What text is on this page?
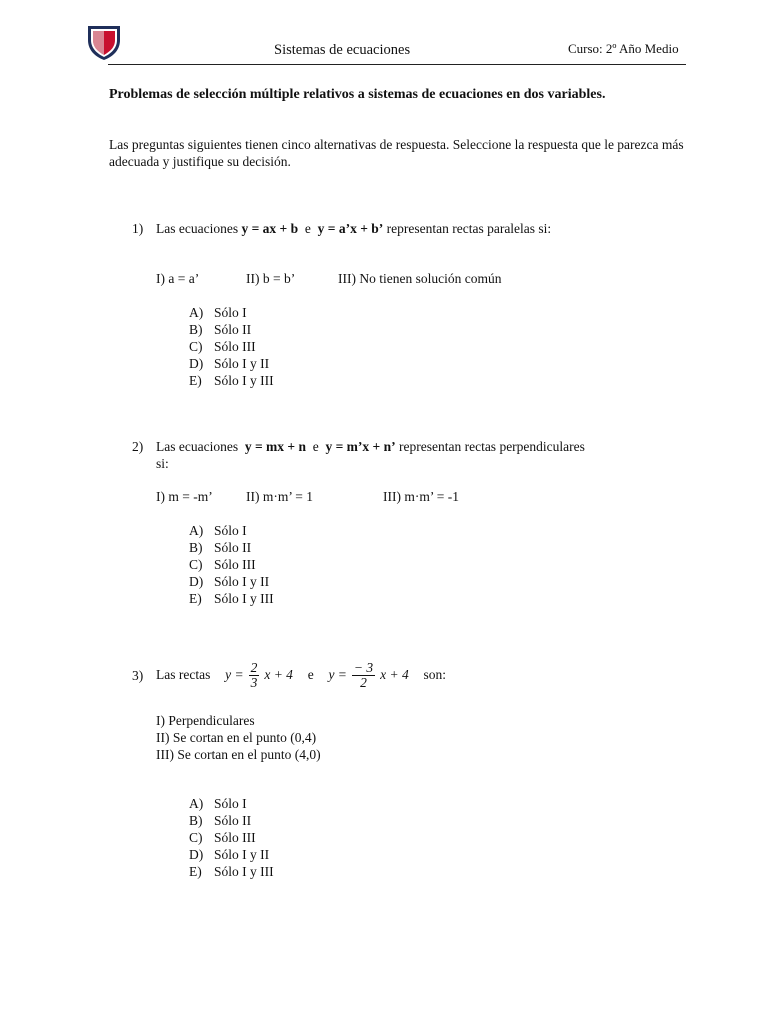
Sistemas de ecuaciones	Curso: 2º Año Medio
Problemas de selección múltiple relativos a sistemas de ecuaciones en dos variables.
Las preguntas siguientes tienen cinco alternativas de respuesta. Seleccione la respuesta que le parezca más adecuada y justifique su decisión.
1) Las ecuaciones y = ax + b e y = a’x + b’ representan rectas paralelas si:
I) a = a’	II) b = b’	III) No tienen solución común
A) Sólo I
B) Sólo II
C) Sólo III
D) Sólo I y II
E) Sólo I y III
2) Las ecuaciones y = mx + n e y = m’x + n’ representan rectas perpendiculares
si:
I) m = -m’ II) m·m’ = 1	III) m·m’ = -1
A) Sólo I
B) Sólo II
C) Sólo III
D) Sólo I y II
E) Sólo I y III
3) Las rectas
$y = \frac{2}{3}$ x + 4
e
$y = \frac{- 3}{2}$ x + 4
son:
I) Perpendiculares
II) Se cortan en el punto (0,4)
III) Se cortan en el punto (4,0)
A) Sólo I
B) Sólo II
C) Sólo III
D) Sólo I y II
E) Sólo I y III
